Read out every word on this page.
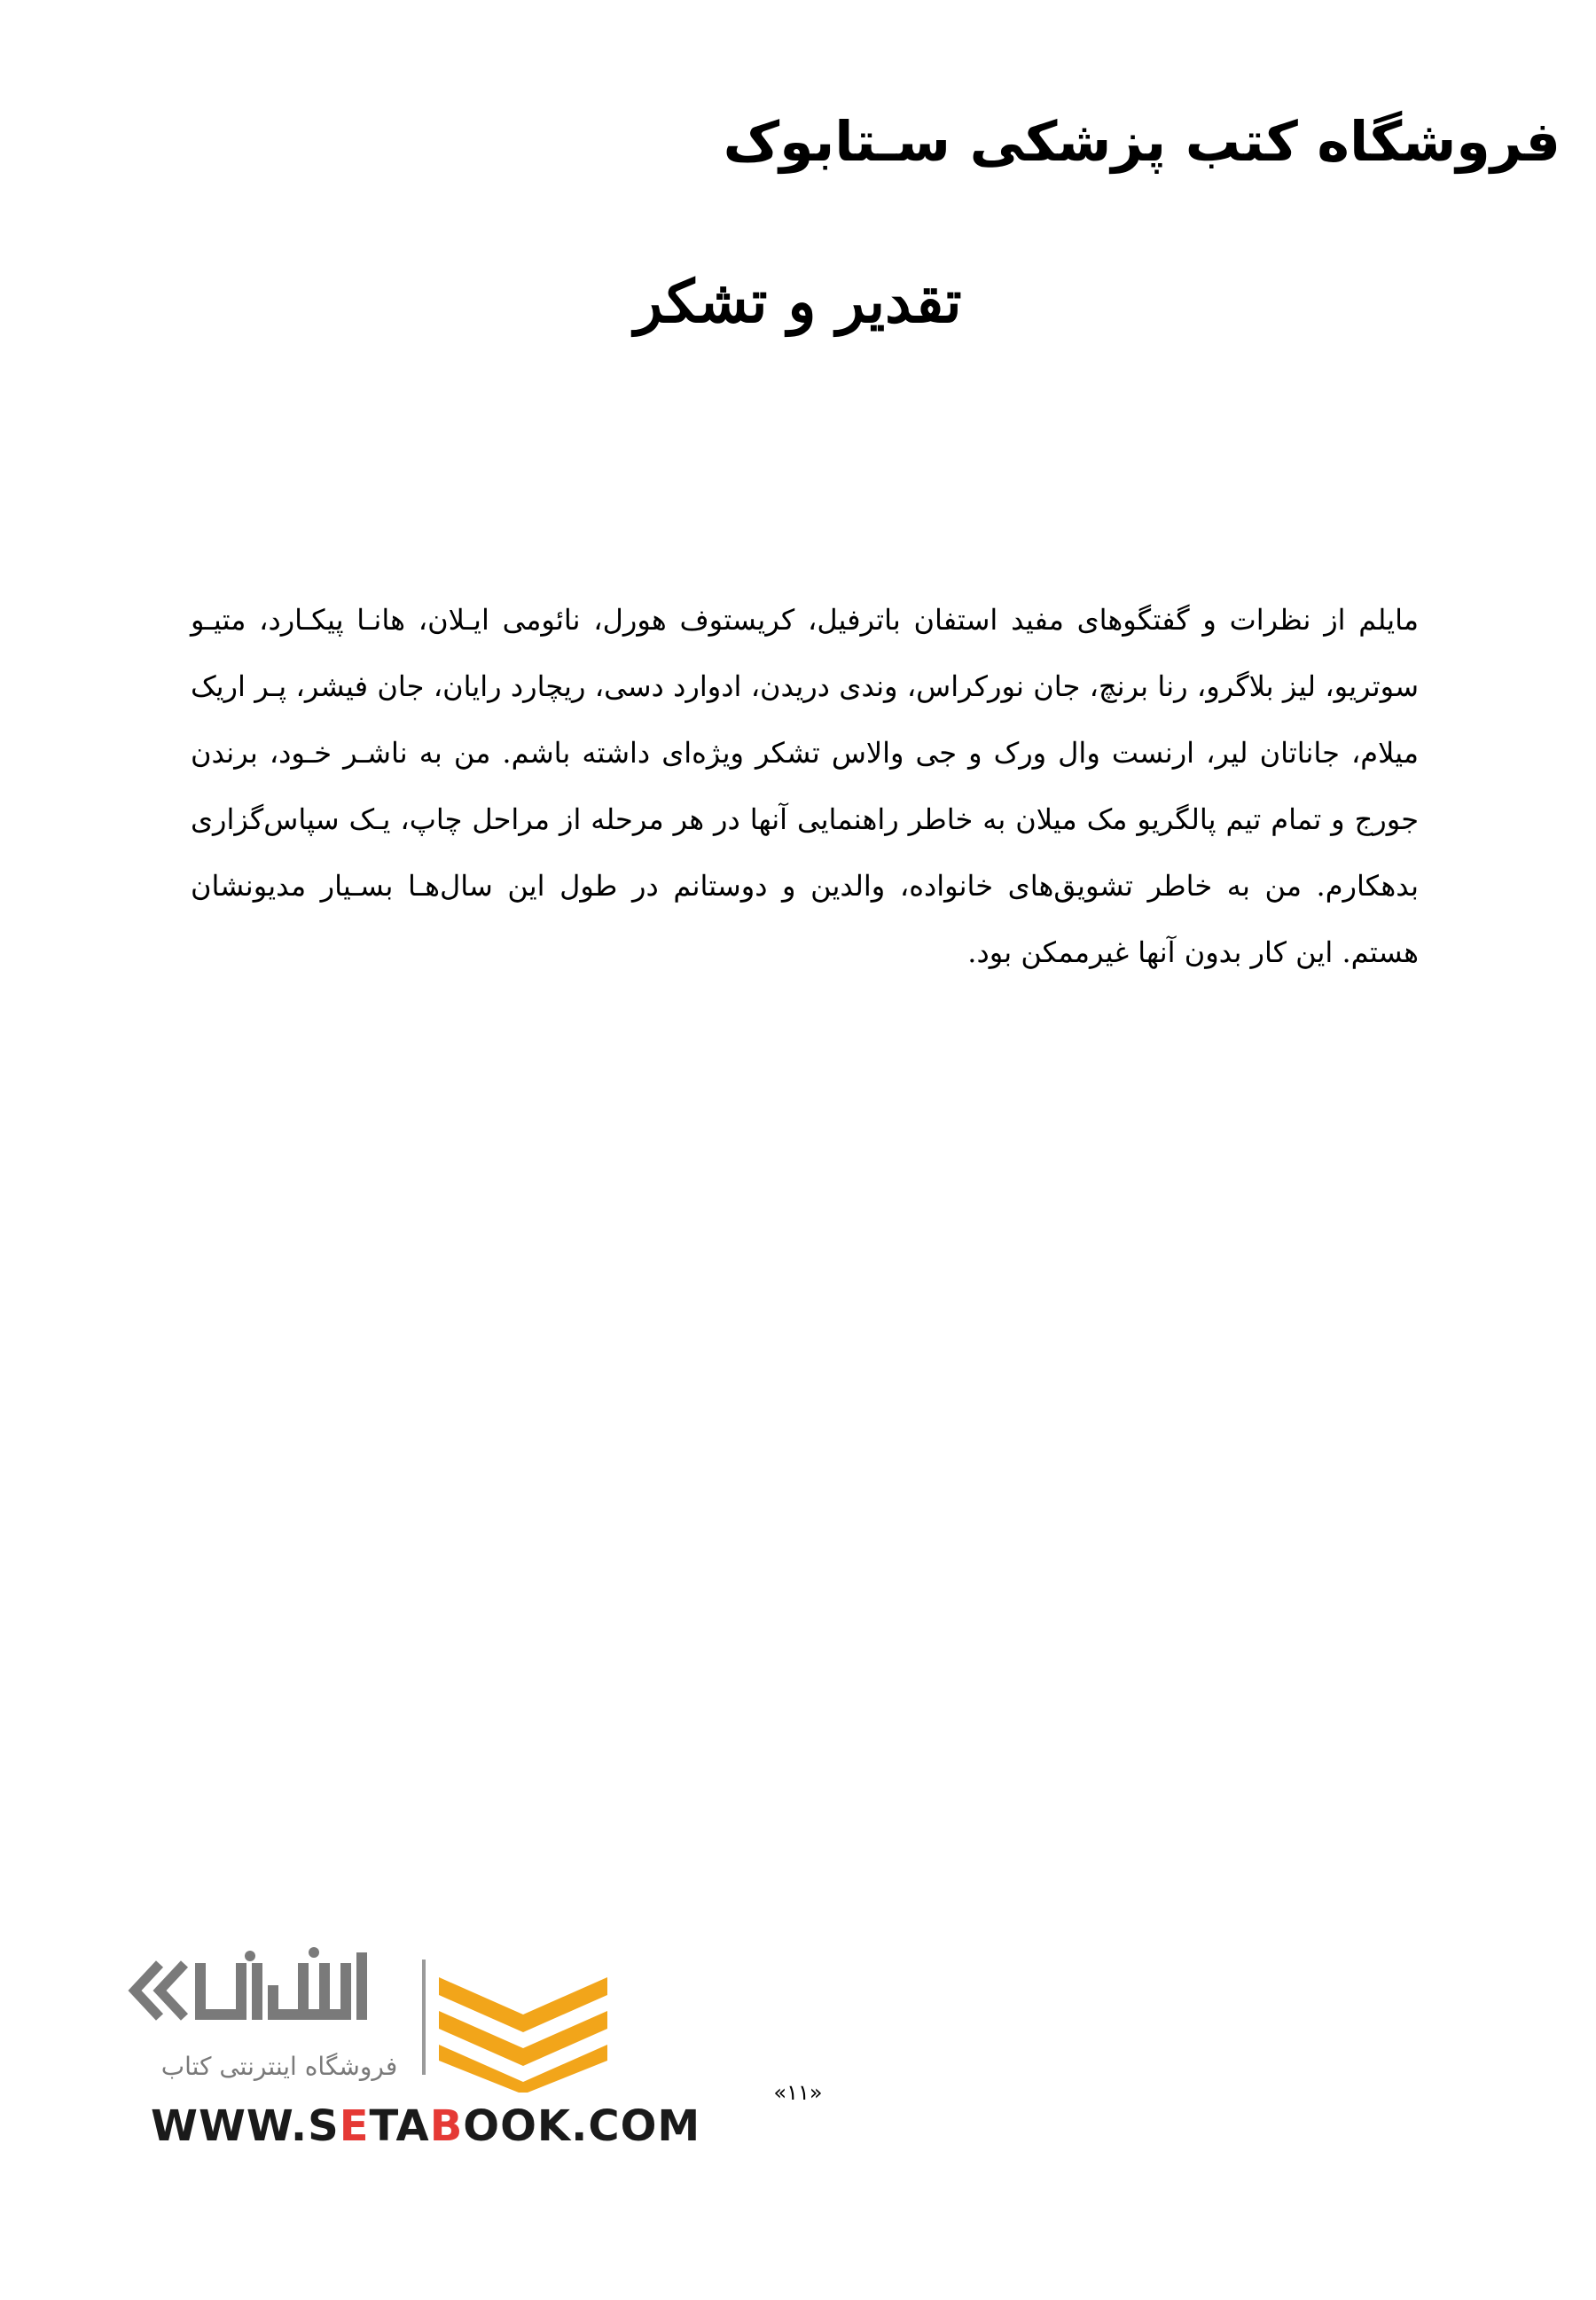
فروشگاه کتب پزشکی سـتابوک
تقدیر و تشکر

مایلم از نظرات و گفتگوهای مفید استفان باترفیل، کریستوف هورل، نائومی ایـلان، هانـا پیکـارد، متیـو سوتریو، لیز بلاگرو، رنا برنچ، جان نورکراس، وندی دریدن، ادوارد دسی، ریچارد رایان، جان فیشر، پـر اریک میلام، جاناتان لیر، ارنست وال ورک و جی والاس تشکر ویژه‌ای داشته باشم. من به ناشـر خـود، برندن جورج و تمام تیم پالگریو مک میلان به خاطر راهنمایی آنها در هر مرحله از مراحل چاپ، یـک سپاس‌گزاری بدهکارم. من به خاطر تشویق‌های خانواده، والدین و دوستانم در طول این سال‌هـا بسـیار مدیونشان هستم. این کار بدون آنها غیرممکن بود.

فروشگاه اینترنتی کتاب
WWW.SETABOOK.COM
«۱۱»
